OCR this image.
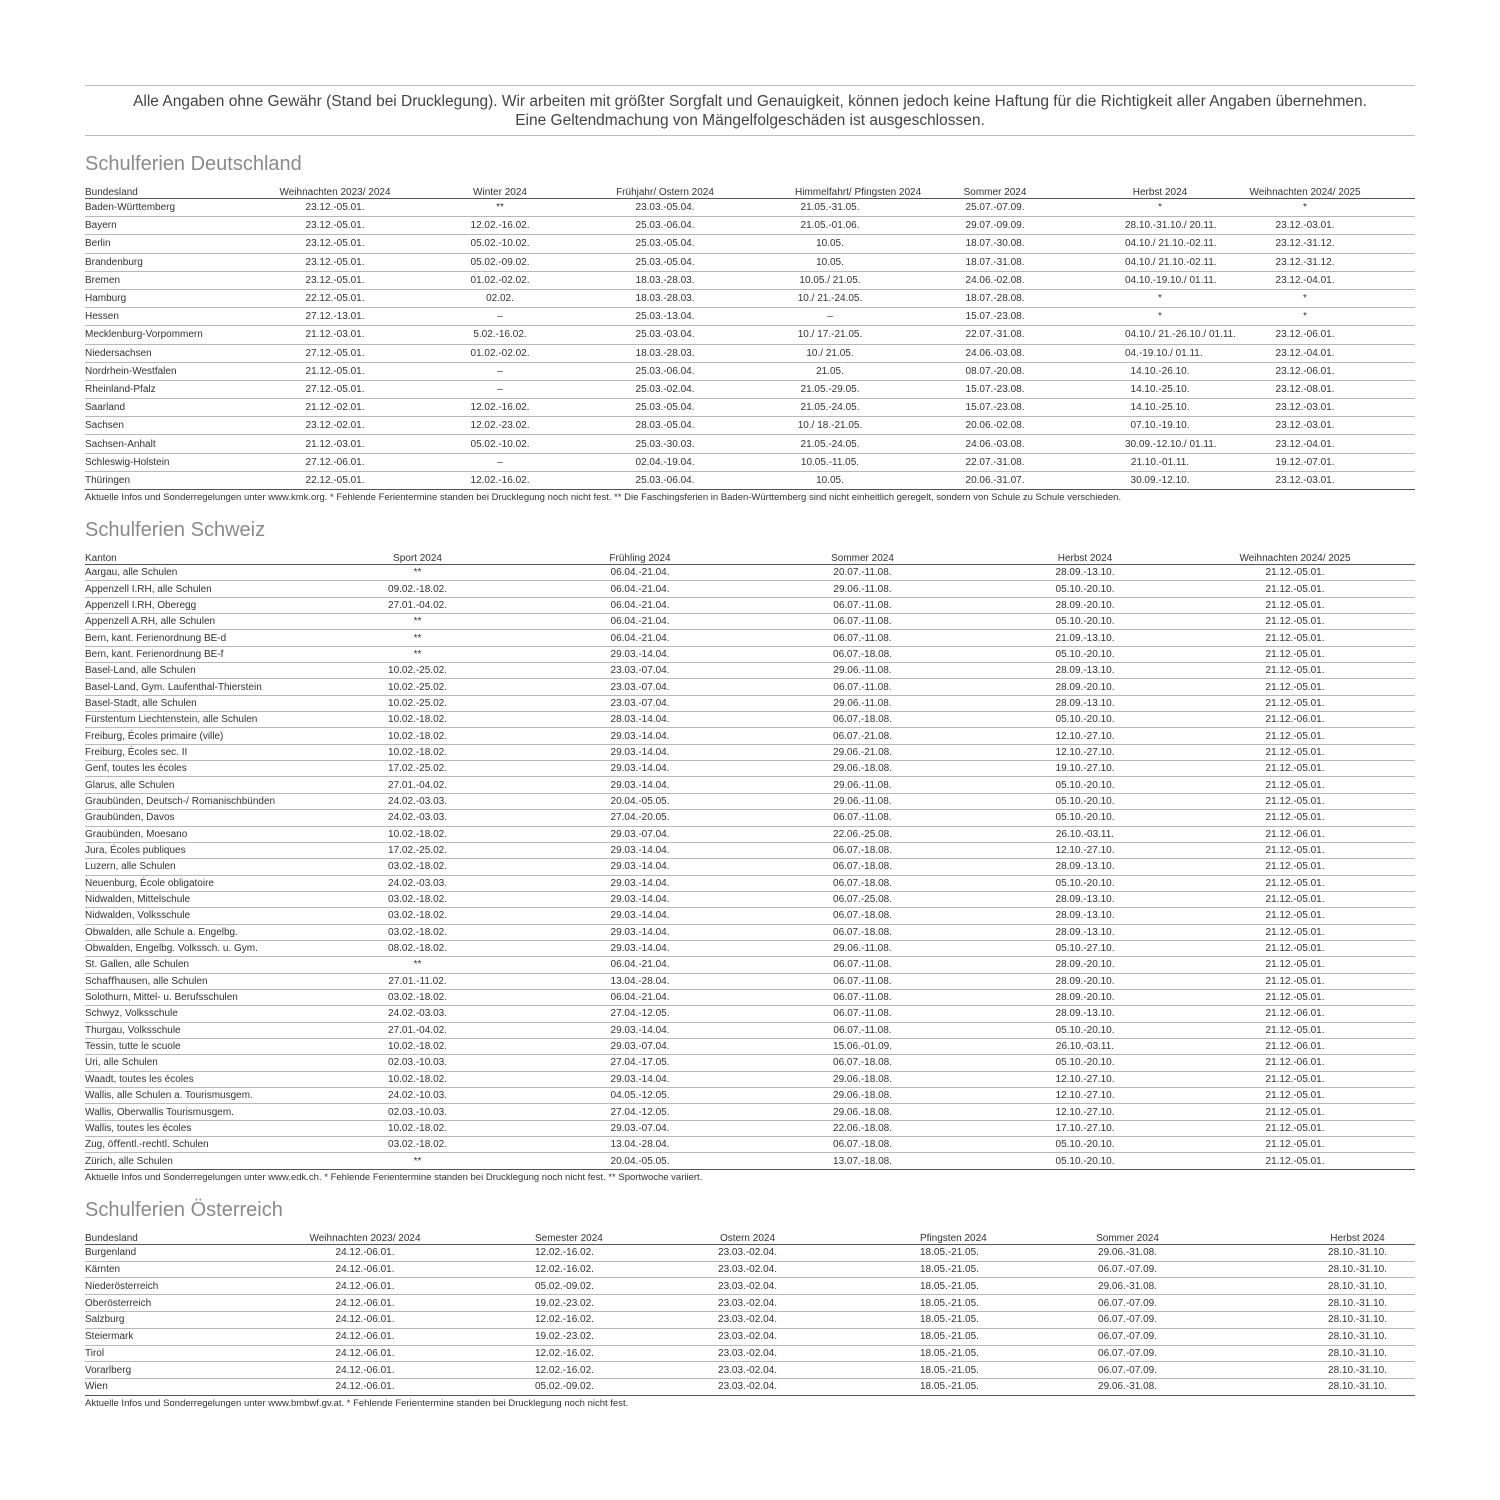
Alle Angaben ohne Gewähr (Stand bei Drucklegung). Wir arbeiten mit größter Sorgfalt und Genauigkeit, können jedoch keine Haftung für die Richtigkeit aller Angaben übernehmen.
Eine Geltendmachung von Mängelfolgeschäden ist ausgeschlossen.
Schulferien Deutschland
Bundesland	Weihnachten 2023/ 2024	Winter 2024	Frühjahr/ Ostern 2024	Himmelfahrt/ Pﬁngsten 2024	Sommer 2024	Herbst 2024	Weihnachten 2024/ 2025
Baden-Württemberg	23.12.-05.01.	**	23.03.-05.04.	21.05.-31.05.	25.07.-07.09.	*	*
Bayern	23.12.-05.01.	12.02.-16.02.	25.03.-06.04.	21.05.-01.06.	29.07.-09.09.	28.10.-31.10./ 20.11.	23.12.-03.01.
Berlin	23.12.-05.01.	05.02.-10.02.	25.03.-05.04.	10.05.	18.07.-30.08.	04.10./ 21.10.-02.11.	23.12.-31.12.
Brandenburg	23.12.-05.01.	05.02.-09.02.	25.03.-05.04.	10.05.	18.07.-31.08.	04.10./ 21.10.-02.11.	23.12.-31.12.
Bremen	23.12.-05.01.	01.02.-02.02.	18.03.-28.03.	10.05./ 21.05.	24.06.-02.08.	04.10.-19.10./ 01.11.	23.12.-04.01.
Hamburg	22.12.-05.01.	02.02.	18.03.-28.03.	10./ 21.-24.05.	18.07.-28.08.	*	*
Hessen	27.12.-13.01.	–	25.03.-13.04.	–	15.07.-23.08.	*	*
Mecklenburg-Vorpommern	21.12.-03.01.	5.02.-16.02.	25.03.-03.04.	10./ 17.-21.05.	22.07.-31.08.	04.10./ 21.-26.10./ 01.11.	23.12.-06.01.
Niedersachsen	27.12.-05.01.	01.02.-02.02.	18.03.-28.03.	10./ 21.05.	24.06.-03.08.	04.-19.10./ 01.11.	23.12.-04.01.
Nordrhein-Westfalen	21.12.-05.01.	–	25.03.-06.04.	21.05.	08.07.-20.08.	14.10.-26.10.	23.12.-06.01.
Rheinland-Pfalz	27.12.-05.01.	–	25.03.-02.04.	21.05.-29.05.	15.07.-23.08.	14.10.-25.10.	23.12.-08.01.
Saarland	21.12.-02.01.	12.02.-16.02.	25.03.-05.04.	21.05.-24.05.	15.07.-23.08.	14.10.-25.10.	23.12.-03.01.
Sachsen	23.12.-02.01.	12.02.-23.02.	28.03.-05.04.	10./ 18.-21.05.	20.06.-02.08.	07.10.-19.10.	23.12.-03.01.
Sachsen-Anhalt	21.12.-03.01.	05.02.-10.02.	25.03.-30.03.	21.05.-24.05.	24.06.-03.08.	30.09.-12.10./ 01.11.	23.12.-04.01.
Schleswig-Holstein	27.12.-06.01.	–	02.04.-19.04.	10.05.-11.05.	22.07.-31.08.	21.10.-01.11.	19.12.-07.01.
Thüringen	22.12.-05.01.	12.02.-16.02.	25.03.-06.04.	10.05.	20.06.-31.07.	30.09.-12.10.	23.12.-03.01.
Aktuelle Infos und Sonderregelungen unter www.kmk.org. * Fehlende Ferientermine standen bei Drucklegung noch nicht fest. ** Die Faschingsferien in Baden-Württemberg sind nicht einheitlich geregelt, sondern von Schule zu Schule verschieden.
Schulferien Schweiz
Kanton	Sport 2024	Frühling 2024	Sommer 2024	Herbst 2024	Weihnachten 2024/ 2025
Aargau, alle Schulen	**	06.04.-21.04.	20.07.-11.08.	28.09.-13.10.	21.12.-05.01.
Appenzell I.RH, alle Schulen	09.02.-18.02.	06.04.-21.04.	29.06.-11.08.	05.10.-20.10.	21.12.-05.01.
Appenzell I.RH, Oberegg	27.01.-04.02.	06.04.-21.04.	06.07.-11.08.	28.09.-20.10.	21.12.-05.01.
Appenzell A.RH, alle Schulen	**	06.04.-21.04.	06.07.-11.08.	05.10.-20.10.	21.12.-05.01.
Bern, kant. Ferienordnung BE-d	**	06.04.-21.04.	06.07.-11.08.	21.09.-13.10.	21.12.-05.01.
Bern, kant. Ferienordnung BE-f	**	29.03.-14.04.	06.07.-18.08.	05.10.-20.10.	21.12.-05.01.
Basel-Land, alle Schulen	10.02.-25.02.	23.03.-07.04.	29.06.-11.08.	28.09.-13.10.	21.12.-05.01.
Basel-Land, Gym. Laufenthal-Thierstein	10.02.-25.02.	23.03.-07.04.	06.07.-11.08.	28.09.-20.10.	21.12.-05.01.
Basel-Stadt, alle Schulen	10.02.-25.02.	23.03.-07.04.	29.06.-11.08.	28.09.-13.10.	21.12.-05.01.
Fürstentum Liechtenstein, alle Schulen	10.02.-18.02.	28.03.-14.04.	06.07.-18.08.	05.10.-20.10.	21.12.-06.01.
Freiburg, Écoles primaire (ville)	10.02.-18.02.	29.03.-14.04.	06.07.-21.08.	12.10.-27.10.	21.12.-05.01.
Freiburg, Écoles sec. II	10.02.-18.02.	29.03.-14.04.	29.06.-21.08.	12.10.-27.10.	21.12.-05.01.
Genf, toutes les écoles	17.02.-25.02.	29.03.-14.04.	29.06.-18.08.	19.10.-27.10.	21.12.-05.01.
Glarus, alle Schulen	27.01.-04.02.	29.03.-14.04.	29.06.-11.08.	05.10.-20.10.	21.12.-05.01.
Graubünden, Deutsch-/ Romanischbünden	24.02.-03.03.	20.04.-05.05.	29.06.-11.08.	05.10.-20.10.	21.12.-05.01.
Graubünden, Davos	24.02.-03.03.	27.04.-20.05.	06.07.-11.08.	05.10.-20.10.	21.12.-05.01.
Graubünden, Moesano	10.02.-18.02.	29.03.-07.04.	22.06.-25.08.	26.10.-03.11.	21.12.-06.01.
Jura, Écoles publiques	17.02.-25.02.	29.03.-14.04.	06.07.-18.08.	12.10.-27.10.	21.12.-05.01.
Luzern, alle Schulen	03.02.-18.02.	29.03.-14.04.	06.07.-18.08.	28.09.-13.10.	21.12.-05.01.
Neuenburg, École obligatoire	24.02.-03.03.	29.03.-14.04.	06.07.-18.08.	05.10.-20.10.	21.12.-05.01.
Nidwalden, Mittelschule	03.02.-18.02.	29.03.-14.04.	06.07.-25.08.	28.09.-13.10.	21.12.-05.01.
Nidwalden, Volksschule	03.02.-18.02.	29.03.-14.04.	06.07.-18.08.	28.09.-13.10.	21.12.-05.01.
Obwalden, alle Schule a. Engelbg.	03.02.-18.02.	29.03.-14.04.	06.07.-18.08.	28.09.-13.10.	21.12.-05.01.
Obwalden, Engelbg. Volkssch. u. Gym.	08.02.-18.02.	29.03.-14.04.	29.06.-11.08.	05.10.-27.10.	21.12.-05.01.
St. Gallen, alle Schulen	**	06.04.-21.04.	06.07.-11.08.	28.09.-20.10.	21.12.-05.01.
Schaﬀhausen, alle Schulen	27.01.-11.02.	13.04.-28.04.	06.07.-11.08.	28.09.-20.10.	21.12.-05.01.
Solothurn, Mittel- u. Berufsschulen	03.02.-18.02.	06.04.-21.04.	06.07.-11.08.	28.09.-20.10.	21.12.-05.01.
Schwyz, Volksschule	24.02.-03.03.	27.04.-12.05.	06.07.-11.08.	28.09.-13.10.	21.12.-06.01.
Thurgau, Volksschule	27.01.-04.02.	29.03.-14.04.	06.07.-11.08.	05.10.-20.10.	21.12.-05.01.
Tessin, tutte le scuole	10.02.-18.02.	29.03.-07.04.	15.06.-01.09.	26.10.-03.11.	21.12.-06.01.
Uri, alle Schulen	02.03.-10.03.	27.04.-17.05.	06.07.-18.08.	05.10.-20.10.	21.12.-06.01.
Waadt, toutes les écoles	10.02.-18.02.	29.03.-14.04.	29.06.-18.08.	12.10.-27.10.	21.12.-05.01.
Wallis, alle Schulen a. Tourismusgem.	24.02.-10.03.	04.05.-12.05.	29.06.-18.08.	12.10.-27.10.	21.12.-05.01.
Wallis, Oberwallis Tourismusgem.	02.03.-10.03.	27.04.-12.05.	29.06.-18.08.	12.10.-27.10.	21.12.-05.01.
Wallis, toutes les écoles	10.02.-18.02.	29.03.-07.04.	22.06.-18.08.	17.10.-27.10.	21.12.-05.01.
Zug, öﬀentl.-rechtl. Schulen	03.02.-18.02.	13.04.-28.04.	06.07.-18.08.	05.10.-20.10.	21.12.-05.01.
Zürich, alle Schulen	**	20.04.-05.05.	13.07.-18.08.	05.10.-20.10.	21.12.-05.01.
Aktuelle Infos und Sonderregelungen unter www.edk.ch. * Fehlende Ferientermine standen bei Drucklegung noch nicht fest. ** Sportwoche variiert.
Schulferien Österreich
Bundesland	Weihnachten 2023/ 2024	Semester 2024	Ostern 2024	Pﬁngsten 2024	Sommer 2024	Herbst 2024
Burgenland	24.12.-06.01.	12.02.-16.02.	23.03.-02.04.	18.05.-21.05.	29.06.-31.08.	28.10.-31.10.
Kärnten	24.12.-06.01.	12.02.-16.02.	23.03.-02.04.	18.05.-21.05.	06.07.-07.09.	28.10.-31.10.
Niederösterreich	24.12.-06.01.	05.02.-09.02.	23.03.-02.04.	18.05.-21.05.	29.06.-31.08.	28.10.-31.10.
Oberösterreich	24.12.-06.01.	19.02.-23.02.	23.03.-02.04.	18.05.-21.05.	06.07.-07.09.	28.10.-31.10.
Salzburg	24.12.-06.01.	12.02.-16.02.	23.03.-02.04.	18.05.-21.05.	06.07.-07.09.	28.10.-31.10.
Steiermark	24.12.-06.01.	19.02.-23.02.	23.03.-02.04.	18.05.-21.05.	06.07.-07.09.	28.10.-31.10.
Tirol	24.12.-06.01.	12.02.-16.02.	23.03.-02.04.	18.05.-21.05.	06.07.-07.09.	28.10.-31.10.
Vorarlberg	24.12.-06.01.	12.02.-16.02.	23.03.-02.04.	18.05.-21.05.	06.07.-07.09.	28.10.-31.10.
Wien	24.12.-06.01.	05.02.-09.02.	23.03.-02.04.	18.05.-21.05.	29.06.-31.08.	28.10.-31.10.
Aktuelle Infos und Sonderregelungen unter www.bmbwf.gv.at. * Fehlende Ferientermine standen bei Drucklegung noch nicht fest.
